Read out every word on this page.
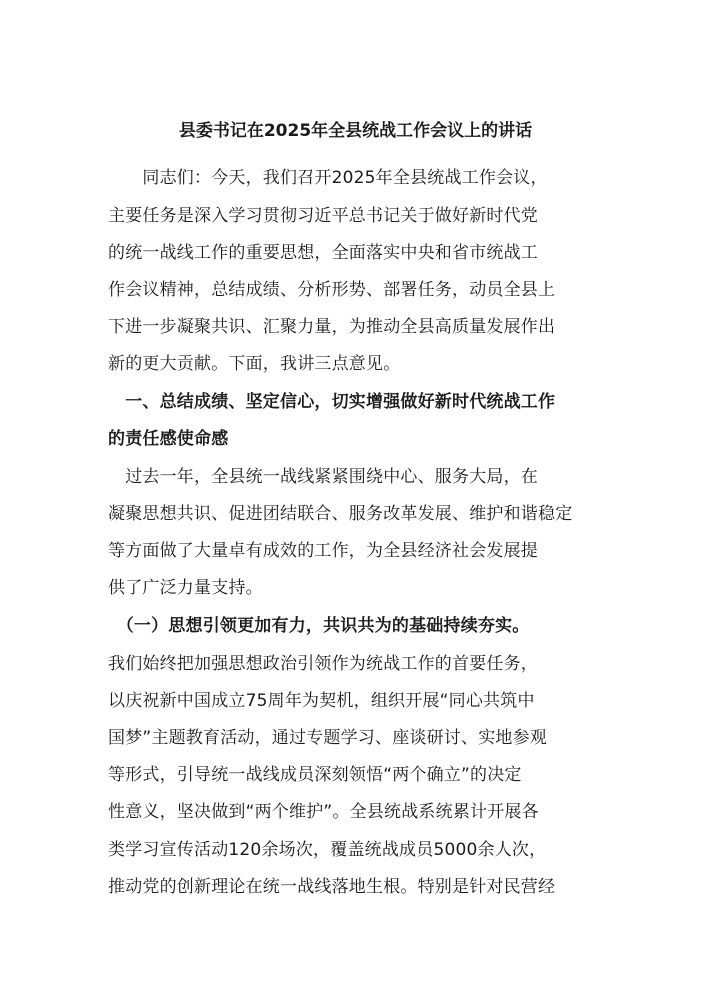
县委书记在2025年全县统战工作会议上的讲话
　　同志们：今天，我们召开2025年全县统战工作会议，
主要任务是深入学习贯彻习近平总书记关于做好新时代党
的统一战线工作的重要思想，全面落实中央和省市统战工
作会议精神，总结成绩、分析形势、部署任务，动员全县上
下进一步凝聚共识、汇聚力量，为推动全县高质量发展作出
新的更大贡献。下面，我讲三点意见。
　一、总结成绩、坚定信心，切实增强做好新时代统战工作
的责任感使命感
　过去一年，全县统一战线紧紧围绕中心、服务大局，在
凝聚思想共识、促进团结联合、服务改革发展、维护和谐稳定
等方面做了大量卓有成效的工作，为全县经济社会发展提
供了广泛力量支持。
　（一）思想引领更加有力，共识共为的基础持续夯实。
我们始终把加强思想政治引领作为统战工作的首要任务，
以庆祝新中国成立75周年为契机，组织开展“同心共筑中
国梦”主题教育活动，通过专题学习、座谈研讨、实地参观
等形式，引导统一战线成员深刻领悟“两个确立”的决定
性意义，坚决做到“两个维护”。全县统战系统累计开展各
类学习宣传活动120余场次，覆盖统战成员5000余人次，
推动党的创新理论在统一战线落地生根。特别是针对民营经
